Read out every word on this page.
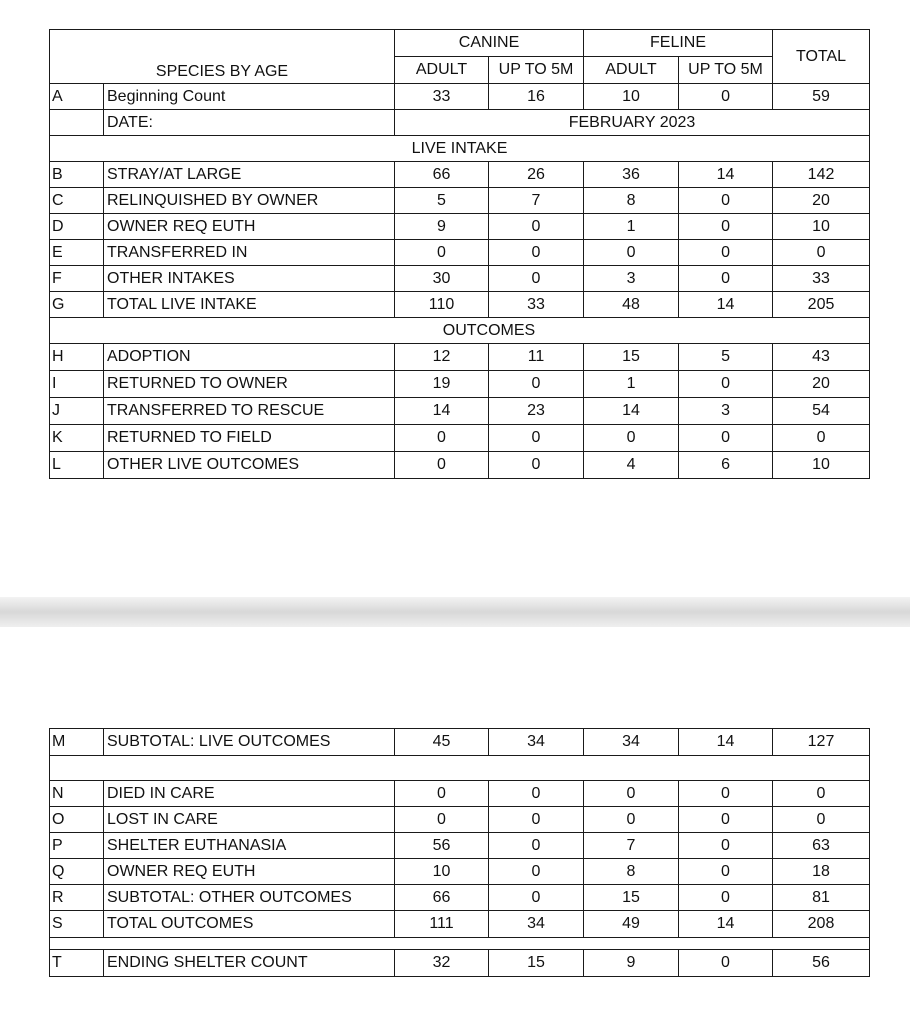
SPECIES BY AGE		CANINE		FELINE		TOTAL
		ADULT	UP TO 5M	ADULT	UP TO 5M	
A	Beginning Count	33	16	10	0	59
	DATE:	FEBRUARY 2023				
LIVE INTAKE						
B	STRAY/AT LARGE	66	26	36	14	142
C	RELINQUISHED BY OWNER	5	7	8	0	20
D	OWNER REQ EUTH	9	0	1	0	10
E	TRANSFERRED IN	0	0	0	0	0
F	OTHER INTAKES	30	0	3	0	33
G	TOTAL LIVE INTAKE	110	33	48	14	205
		OUTCOMES				
H	ADOPTION	12	11	15	5	43
I	RETURNED TO OWNER	19	0	1	0	20
J	TRANSFERRED TO RESCUE	14	23	14	3	54
K	RETURNED TO FIELD	0	0	0	0	0
L	OTHER LIVE OUTCOMES	0	0	4	6	10
M	SUBTOTAL: LIVE OUTCOMES	45	34	34	14	127

N	DIED IN CARE	0	0	0	0	0
O	LOST IN CARE	0	0	0	0	0
P	SHELTER EUTHANASIA	56	0	7	0	63
Q	OWNER REQ EUTH	10	0	8	0	18
R	SUBTOTAL: OTHER OUTCOMES	66	0	15	0	81
S	TOTAL OUTCOMES	111	34	49	14	208

T	ENDING SHELTER COUNT	32	15	9	0	56
